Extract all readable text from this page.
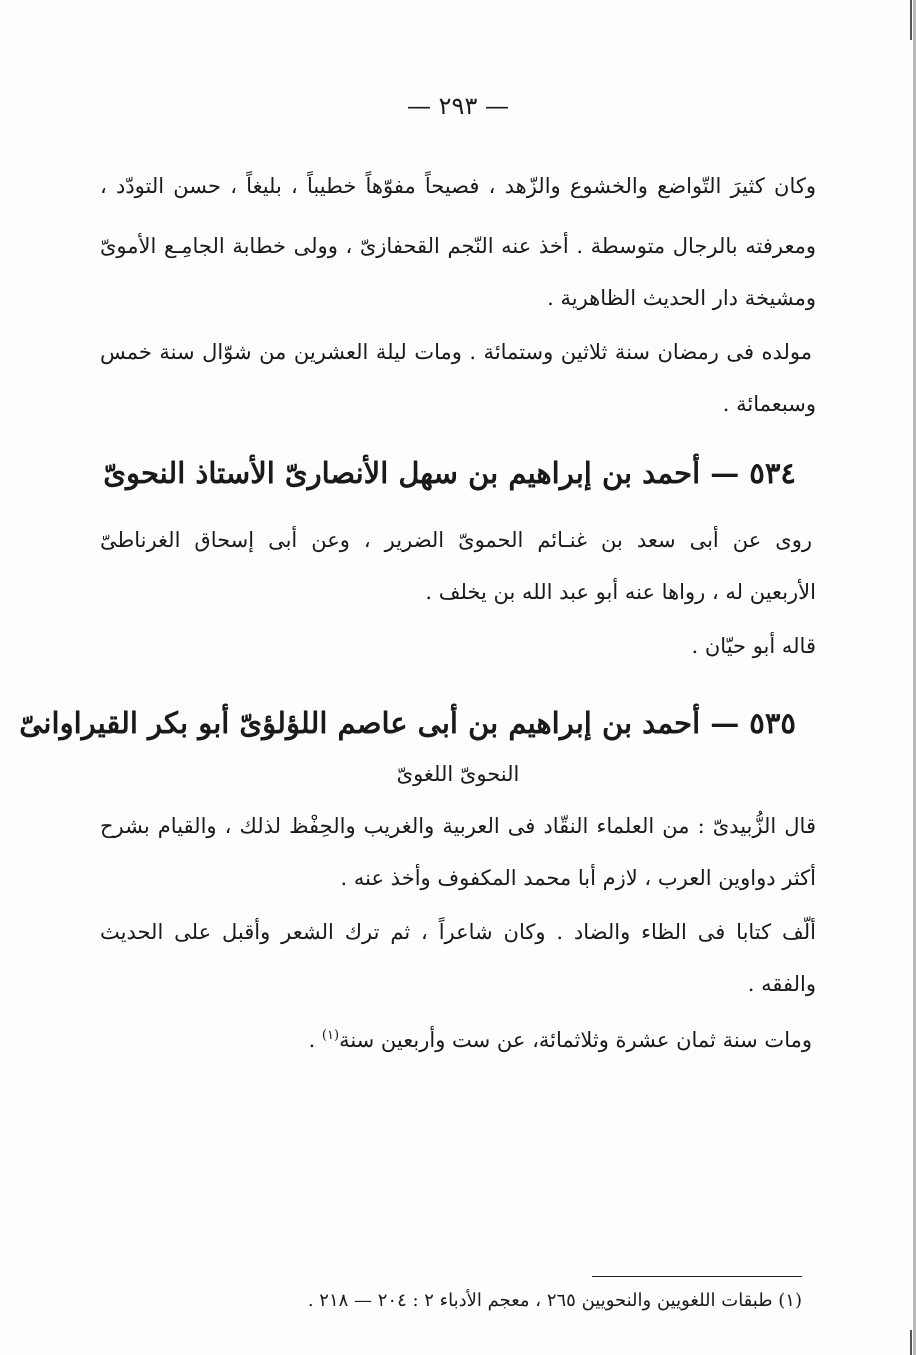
— ٢٩٣ —
وكان كثيرَ التّواضع والخشوع والزّهد ، فصيحاً مفوّهاً خطيباً ، بليغاً ، حسن التودّد ،
ومعرفته بالرجال متوسطة . أخذ عنه النّجم القحفازىّ ، وولى خطابة الجامِـع الأموىّ
ومشيخة دار الحديث الظاهرية .
مولده فى رمضان سنة ثلاثين وستمائة . ومات ليلة العشرين من شوّال سنة خمس
وسبعمائة .
٥٣٤— أحمد بن إبراهيم بن سهل الأنصارىّ الأستاذ النحوىّ
روى عن أبى سعد بن غنـائم الحموىّ الضرير ، وعن أبى إسحاق الغرناطىّ
الأربعين له ، رواها عنه أبو عبد الله بن يخلف .
قاله أبو حيّان .
٥٣٥— أحمد بن إبراهيم بن أبى عاصم اللؤلؤىّ أبو بكر القيراوانىّ
النحوىّ اللغوىّ
قال الزُّبيدىّ : من العلماء النقّاد فى العربية والغريب والحِفْظ لذلك ، والقيام بشرح
أكثر دواوين العرب ، لازم أبا محمد المكفوف وأخذ عنه .
ألّف كتابا فى الظاء والضاد . وكان شاعراً ، ثم ترك الشعر وأقبل على الحديث
والفقه .
ومات سنة ثمان عشرة وثلاثمائة، عن ست وأربعين سنة$^{(١)}$ .
(١) طبقات اللغويين والنحويين ٢٦٥ ، معجم الأدباء ٢ : ٢٠٤ — ٢١٨ .
